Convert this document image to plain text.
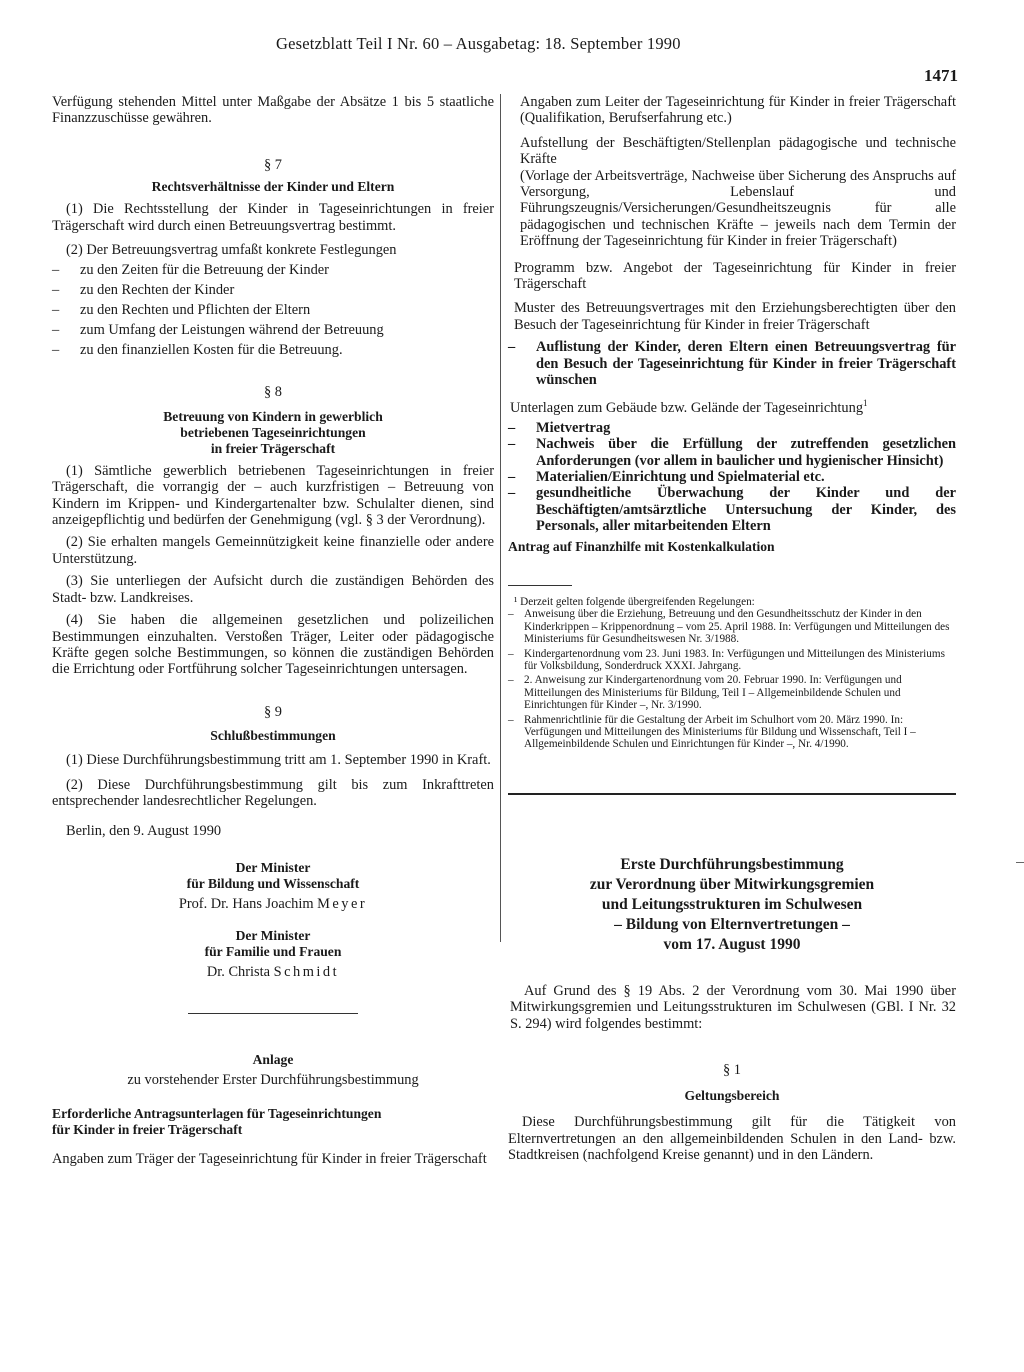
Gesetzblatt Teil I Nr. 60 – Ausgabetag: 18. September 1990
1471

Verfügung stehenden Mittel unter Maßgabe der Absätze 1 bis 5 staatliche Finanzzuschüsse gewähren.

§ 7

Rechtsverhältnisse der Kinder und Eltern

(1) Die Rechtsstellung der Kinder in Tageseinrichtungen in freier Trägerschaft wird durch einen Betreuungsvertrag bestimmt.

(2) Der Betreuungsvertrag umfaßt konkrete Festlegungen

– zu den Zeiten für die Betreuung der Kinder
– zu den Rechten der Kinder
– zu den Rechten und Pflichten der Eltern
– zum Umfang der Leistungen während der Betreuung
– zu den finanziellen Kosten für die Betreuung.

§ 8

Betreuung von Kindern in gewerblich

betriebenen Tageseinrichtungen

in freier Trägerschaft

(1) Sämtliche gewerblich betriebenen Tageseinrichtungen in freier Trägerschaft, die vorrangig der – auch kurzfristigen – Betreuung von Kindern im Krippen- und Kindergartenalter bzw. Schulalter dienen, sind anzeigepflichtig und bedürfen der Genehmigung (vgl. § 3 der Verordnung).

(2) Sie erhalten mangels Gemeinnützigkeit keine finanzielle oder andere Unterstützung.

(3) Sie unterliegen der Aufsicht durch die zuständigen Behörden des Stadt- bzw. Landkreises.

(4) Sie haben die allgemeinen gesetzlichen und polizeilichen Bestimmungen einzuhalten. Verstoßen Träger, Leiter oder pädagogische Kräfte gegen solche Bestimmungen, so können die zuständigen Behörden die Errichtung oder Fortführung solcher Tageseinrichtungen untersagen.

§ 9

Schlußbestimmungen

(1) Diese Durchführungsbestimmung tritt am 1. September 1990 in Kraft.

(2) Diese Durchführungsbestimmung gilt bis zum Inkrafttreten entsprechender landesrechtlicher Regelungen.

Berlin, den 9. August 1990

Der Minister

für Bildung und Wissenschaft

Prof. Dr. Hans Joachim Meyer

Der Minister

für Familie und Frauen

Dr. Christa Schmidt

Anlage

zu vorstehender Erster Durchführungsbestimmung

Erforderliche Antragsunterlagen für Tageseinrichtungen

für Kinder in freier Trägerschaft

Angaben zum Träger der Tageseinrichtung für Kinder in freier Trägerschaft

Angaben zum Leiter der Tageseinrichtung für Kinder in freier Trägerschaft (Qualifikation, Berufserfahrung etc.)

Aufstellung der Beschäftigten/Stellenplan pädagogische und technische Kräfte

(Vorlage der Arbeitsverträge, Nachweise über Sicherung des Anspruchs auf Versorgung, Lebenslauf und Führungszeugnis/Versicherungen/Gesundheitszeugnis für alle pädagogischen und technischen Kräfte – jeweils nach dem Termin der Eröffnung der Tageseinrichtung für Kinder in freier Trägerschaft)

Programm bzw. Angebot der Tageseinrichtung für Kinder in freier Trägerschaft

Muster des Betreuungsvertrages mit den Erziehungsberechtigten über den Besuch der Tageseinrichtung für Kinder in freier Trägerschaft

– Auflistung der Kinder, deren Eltern einen Betreuungsvertrag für den Besuch der Tageseinrichtung für Kinder in freier Trägerschaft wünschen

Unterlagen zum Gebäude bzw. Gelände der Tageseinrichtung$^1$

– Mietvertrag
– Nachweis über die Erfüllung der zutreffenden gesetzlichen Anforderungen (vor allem in baulicher und hygienischer Hinsicht)
– Materialien/Einrichtung und Spielmaterial etc.
– gesundheitliche Überwachung der Kinder und der Beschäftigten/amtsärztliche Untersuchung der Kinder, des Personals, aller mitarbeitenden Eltern

Antrag auf Finanzhilfe mit Kostenkalkulation

¹ Derzeit gelten folgende übergreifenden Regelungen:

– Anweisung über die Erziehung, Betreuung und den Gesundheitsschutz der Kinder in den Kinderkrippen – Krippenordnung – vom 25. April 1988. In: Verfügungen und Mitteilungen des Ministeriums für Gesundheitswesen Nr. 3/1988.
– Kindergartenordnung vom 23. Juni 1983. In: Verfügungen und Mitteilungen des Ministeriums für Volksbildung, Sonderdruck XXXI. Jahrgang.
– 2. Anweisung zur Kindergartenordnung vom 20. Februar 1990. In: Verfügungen und Mitteilungen des Ministeriums für Bildung, Teil I – Allgemeinbildende Schulen und Einrichtungen für Kinder –, Nr. 3/1990.
– Rahmenrichtlinie für die Gestaltung der Arbeit im Schulhort vom 20. März 1990. In: Verfügungen und Mitteilungen des Ministeriums für Bildung und Wissenschaft, Teil I – Allgemeinbildende Schulen und Einrichtungen für Kinder –, Nr. 4/1990.

Erste Durchführungsbestimmung

zur Verordnung über Mitwirkungsgremien

und Leitungsstrukturen im Schulwesen

– Bildung von Elternvertretungen –

vom 17. August 1990

Auf Grund des § 19 Abs. 2 der Verordnung vom 30. Mai 1990 über Mitwirkungsgremien und Leitungsstrukturen im Schulwesen (GBl. I Nr. 32 S. 294) wird folgendes bestimmt:

§ 1

Geltungsbereich

Diese Durchführungsbestimmung gilt für die Tätigkeit von Elternvertretungen an den allgemeinbildenden Schulen in den Land- bzw. Stadtkreisen (nachfolgend Kreise genannt) und in den Ländern.
